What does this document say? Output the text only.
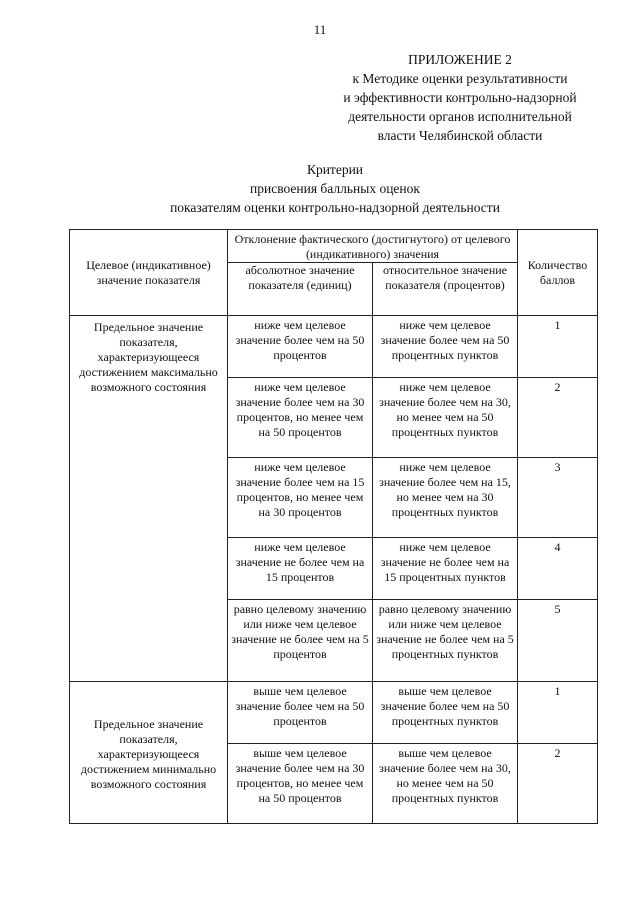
11
ПРИЛОЖЕНИЕ 2
к Методике оценки результативности
и эффективности контрольно-надзорной
деятельности органов исполнительной
власти Челябинской области
Критерии
присвоения балльных оценок
показателям оценки контрольно-надзорной деятельности
Целевое (индикативное) значение показателя	Отклонение фактического (достигнутого) от целевого (индикативного) значения		Количество баллов
	абсолютное значение показателя (единиц)	относительное значение показателя (процентов)	
Предельное значение показателя, характеризующееся достижением максимально возможного состояния	ниже чем целевое значение более чем на 50 процентов	ниже чем целевое значение более чем на 50 процентных пунктов	1
	ниже чем целевое значение более чем на 30 процентов, но менее чем на 50 процентов	ниже чем целевое значение более чем на 30, но менее чем на 50 процентных пунктов	2
	ниже чем целевое значение более чем на 15 процентов, но менее чем на 30 процентов	ниже чем целевое значение более чем на 15, но менее чем на 30 процентных пунктов	3
	ниже чем целевое значение не более чем на 15 процентов	ниже чем целевое значение не более чем на 15 процентных пунктов	4
	равно целевому значению или ниже чем целевое значение не более чем на 5 процентов	равно целевому значению или ниже чем целевое значение не более чем на 5 процентных пунктов	5
Предельное значение показателя, характеризующееся достижением минимально возможного состояния	выше чем целевое значение более чем на 50 процентов	выше чем целевое значение более чем на 50 процентных пунктов	1
	выше чем целевое значение более чем на 30 процентов, но менее чем на 50 процентов	выше чем целевое значение более чем на 30, но менее чем на 50 процентных пунктов	2
